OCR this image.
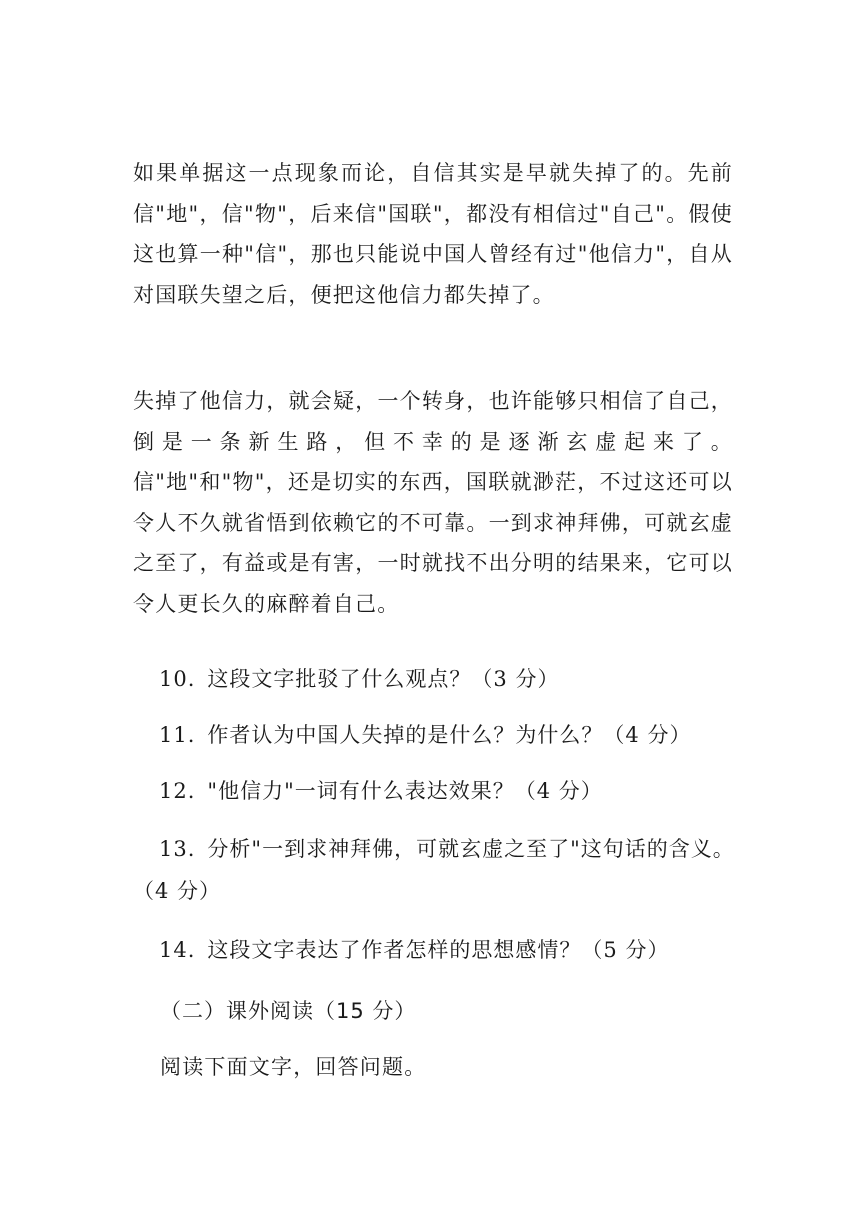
如果单据这一点现象而论，自信其实是早就失掉了的。先前信"地"，信"物"，后来信"国联"，都没有相信过"自己"。假使这也算一种"信"，那也只能说中国人曾经有过"他信力"，自从对国联失望之后，便把这他信力都失掉了。

失掉了他信力，就会疑，一个转身，也许能够只相信了自己，倒是一条新生路，但不幸的是逐渐玄虚起来了。信"地"和"物"，还是切实的东西，国联就渺茫，不过这还可以令人不久就省悟到依赖它的不可靠。一到求神拜佛，可就玄虚之至了，有益或是有害，一时就找不出分明的结果来，它可以令人更长久的麻醉着自己。

10. 这段文字批驳了什么观点？（3 分）

11. 作者认为中国人失掉的是什么？为什么？（4 分）

12. "他信力"一词有什么表达效果？（4 分）

13. 分析"一到求神拜佛，可就玄虚之至了"这句话的含义。（4 分）

14. 这段文字表达了作者怎样的思想感情？（5 分）

（二）课外阅读（15 分）

阅读下面文字，回答问题。
